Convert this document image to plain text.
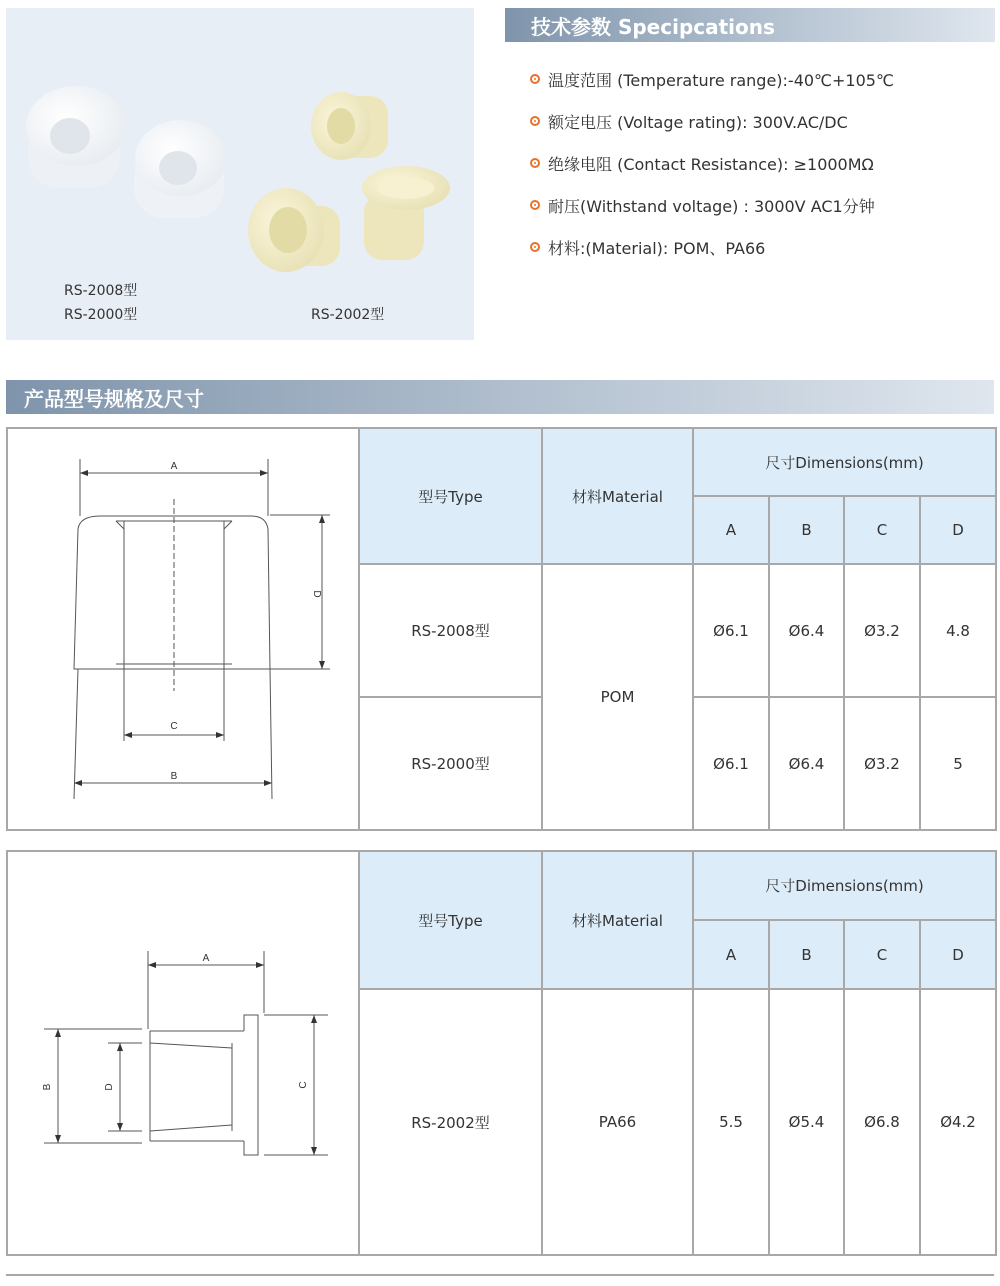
RS-2008型
RS-2000型	RS-2002型
技术参数 Specipcations
温度范围 (Temperature range):-40℃+105℃
额定电压 (Voltage rating): 300V.AC/DC
绝缘电阻 (Contact Resistance): ≥1000MΩ
耐压(Withstand voltage) : 3000V AC1分钟
材料:(Material): POM、PA66
产品型号规格及尺寸
A
D
C
B	型号Type	材料Material	尺寸Dimensions(mm)			
			A	B	C	D
	RS-2008型	POM	Ø6.1	Ø6.4	Ø3.2	4.8
	RS-2000型		Ø6.1	Ø6.4	Ø3.2	5
A
B D C	型号Type	材料Material	尺寸Dimensions(mm)			
			A	B	C	D
	RS-2002型	PA66	5.5	Ø5.4	Ø6.8	Ø4.2
